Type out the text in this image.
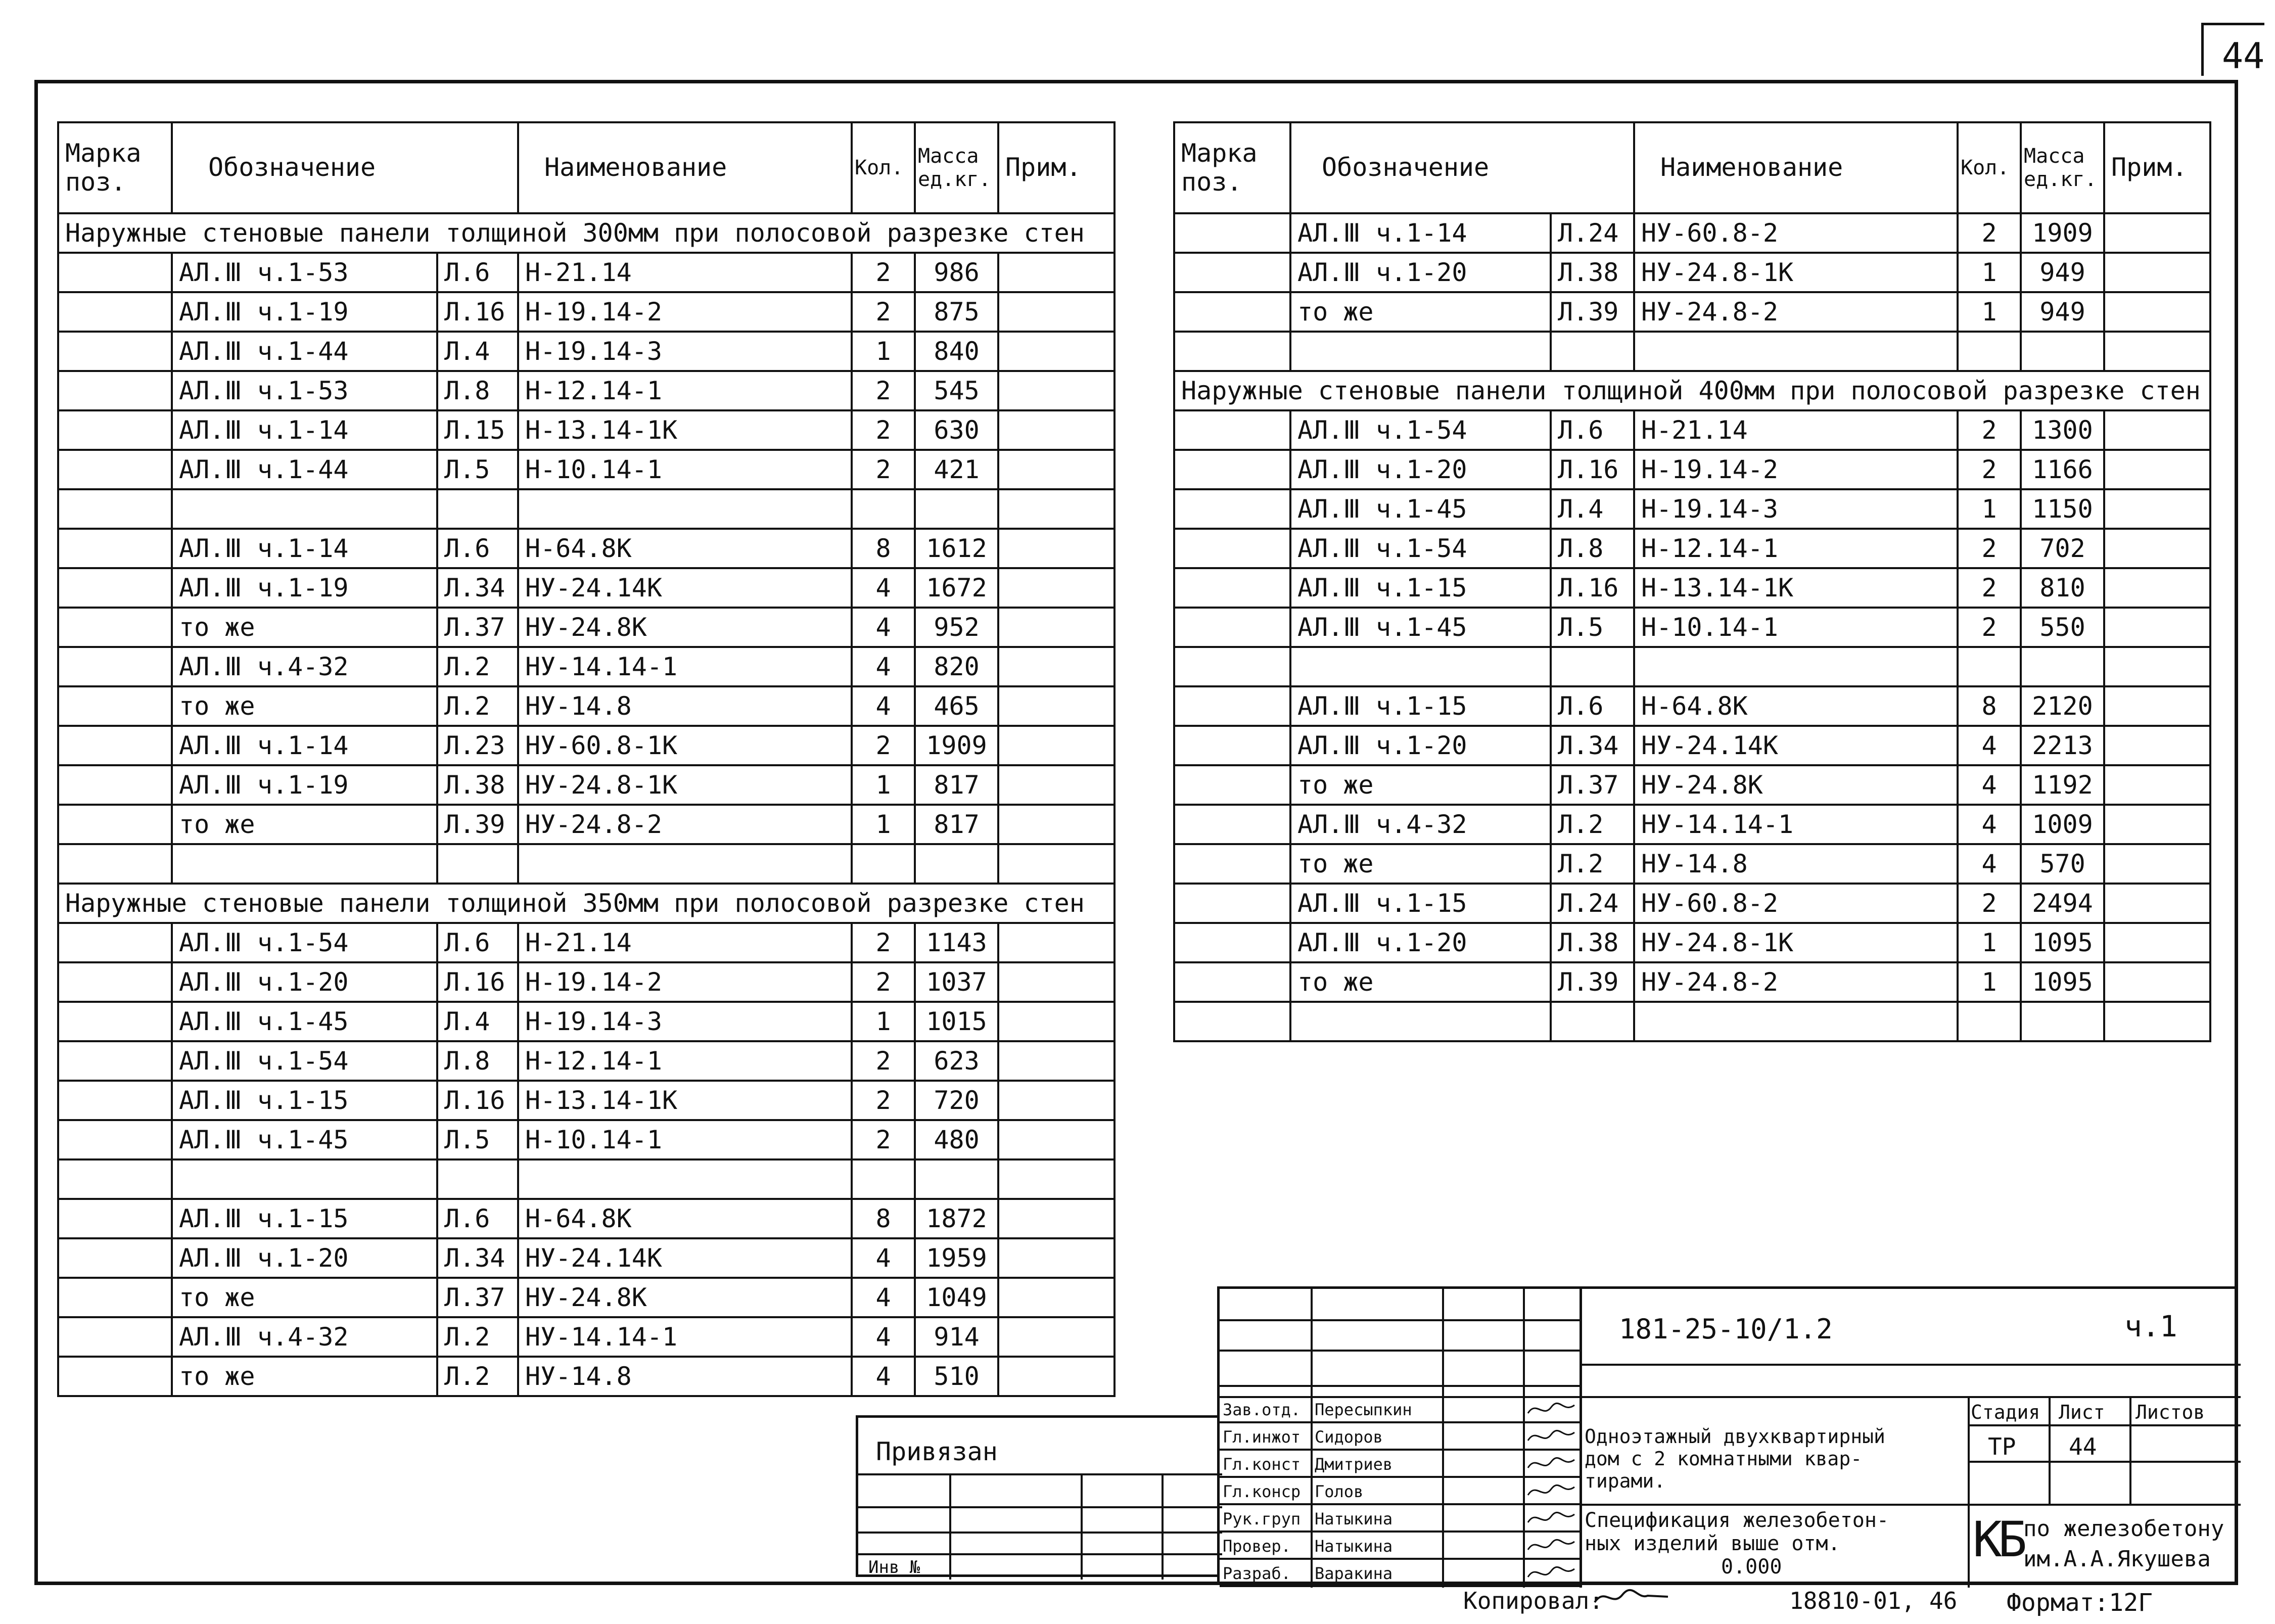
44
Марка поз.	Обозначение		Наименование	Кол.	Масса ед.кг.	Прим.
Наружные стеновые панели толщиной 300мм при полосовой разрезке стен						
	АЛ.Ⅲ ч.1-53	Л.6	Н-21.14	2	986	
	АЛ.Ⅲ ч.1-19	Л.16	Н-19.14-2	2	875	
	АЛ.Ⅲ ч.1-44	Л.4	Н-19.14-3	1	840	
	АЛ.Ⅲ ч.1-53	Л.8	Н-12.14-1	2	545	
	АЛ.Ⅲ ч.1-14	Л.15	Н-13.14-1К	2	630	
	АЛ.Ⅲ ч.1-44	Л.5	Н-10.14-1	2	421	

	АЛ.Ⅲ ч.1-14	Л.6	Н-64.8К	8	1612	
	АЛ.Ⅲ ч.1-19	Л.34	НУ-24.14К	4	1672	
	то же	Л.37	НУ-24.8К	4	952	
	АЛ.Ⅲ ч.4-32	Л.2	НУ-14.14-1	4	820	
	то же	Л.2	НУ-14.8	4	465	
	АЛ.Ⅲ ч.1-14	Л.23	НУ-60.8-1К	2	1909	
	АЛ.Ⅲ ч.1-19	Л.38	НУ-24.8-1К	1	817	
	то же	Л.39	НУ-24.8-2	1	817	

Наружные стеновые панели толщиной 350мм при полосовой разрезке стен						
	АЛ.Ⅲ ч.1-54	Л.6	Н-21.14	2	1143	
	АЛ.Ⅲ ч.1-20	Л.16	Н-19.14-2	2	1037	
	АЛ.Ⅲ ч.1-45	Л.4	Н-19.14-3	1	1015	
	АЛ.Ⅲ ч.1-54	Л.8	Н-12.14-1	2	623	
	АЛ.Ⅲ ч.1-15	Л.16	Н-13.14-1К	2	720	
	АЛ.Ⅲ ч.1-45	Л.5	Н-10.14-1	2	480	

	АЛ.Ⅲ ч.1-15	Л.6	Н-64.8К	8	1872	
	АЛ.Ⅲ ч.1-20	Л.34	НУ-24.14К	4	1959	
	то же	Л.37	НУ-24.8К	4	1049	
	АЛ.Ⅲ ч.4-32	Л.2	НУ-14.14-1	4	914	
	то же	Л.2	НУ-14.8	4	510	
Марка поз.	Обозначение		Наименование	Кол.	Масса ед.кг.	Прим.
	АЛ.Ⅲ ч.1-14	Л.24	НУ-60.8-2	2	1909	
	АЛ.Ⅲ ч.1-20	Л.38	НУ-24.8-1К	1	949	
	то же	Л.39	НУ-24.8-2	1	949	

Наружные стеновые панели толщиной 400мм при полосовой разрезке стен						
	АЛ.Ⅲ ч.1-54	Л.6	Н-21.14	2	1300	
	АЛ.Ⅲ ч.1-20	Л.16	Н-19.14-2	2	1166	
	АЛ.Ⅲ ч.1-45	Л.4	Н-19.14-3	1	1150	
	АЛ.Ⅲ ч.1-54	Л.8	Н-12.14-1	2	702	
	АЛ.Ⅲ ч.1-15	Л.16	Н-13.14-1К	2	810	
	АЛ.Ⅲ ч.1-45	Л.5	Н-10.14-1	2	550	

	АЛ.Ⅲ ч.1-15	Л.6	Н-64.8К	8	2120	
	АЛ.Ⅲ ч.1-20	Л.34	НУ-24.14К	4	2213	
	то же	Л.37	НУ-24.8К	4	1192	
	АЛ.Ⅲ ч.4-32	Л.2	НУ-14.14-1	4	1009	
	то же	Л.2	НУ-14.8	4	570	
	АЛ.Ⅲ ч.1-15	Л.24	НУ-60.8-2	2	2494	
	АЛ.Ⅲ ч.1-20	Л.38	НУ-24.8-1К	1	1095	
	то же	Л.39	НУ-24.8-2	1	1095	

Привязан
Инв №
181-25-10/1.2	ч.1
Зав.отд. Пересыпкин
Гл.инжот Сидоров
Гл.конст Дмитриев
Гл.конср Голов
Рук.груп Натыкина
Провер. Натыкина
Разраб. Варакина
Одноэтажный двухквартирный
дом с 2 комнатными квар-
тирами.
Спецификация железобетон-
ных изделий выше отм.
0.000
Стадия Лист Листов
ТР 44
КБ по железобетону
им.А.А.Якушева
Копировал:	18810-01, 46 Формат:12Г
